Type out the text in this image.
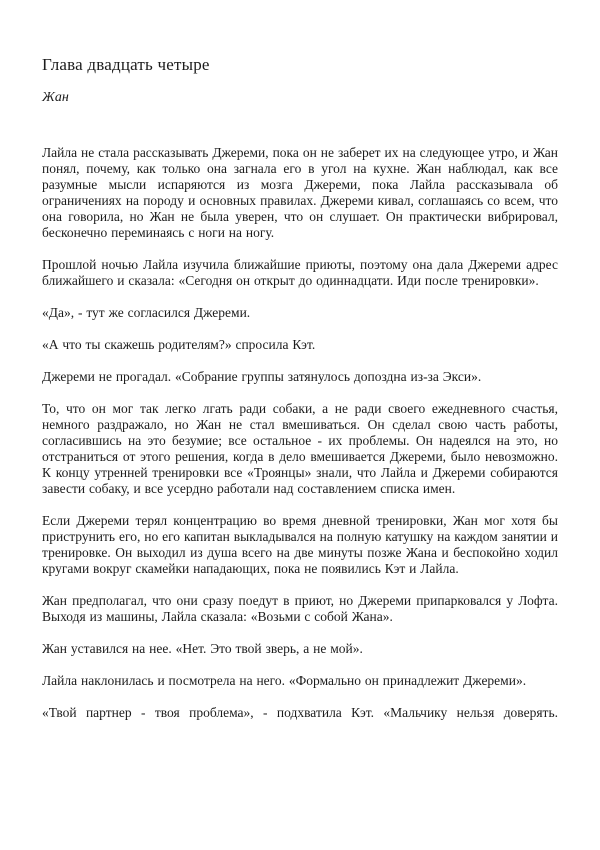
Глава двадцать четыре

Жан

Лайла не стала рассказывать Джереми, пока он не заберет их на следующее утро, и Жан понял, почему, как только она загнала его в угол на кухне. Жан наблюдал, как все разумные мысли испаряются из мозга Джереми, пока Лайла рассказывала об ограничениях на породу и основных правилах. Джереми кивал, соглашаясь со всем, что она говорила, но Жан не была уверен, что он слушает. Он практически вибрировал, бесконечно переминаясь с ноги на ногу.

Прошлой ночью Лайла изучила ближайшие приюты, поэтому она дала Джереми адрес ближайшего и сказала: «Сегодня он открыт до одиннадцати. Иди после тренировки».

«Да», - тут же согласился Джереми.

«А что ты скажешь родителям?» спросила Кэт.

Джереми не прогадал. «Собрание группы затянулось допоздна из-за Экси».

То, что он мог так легко лгать ради собаки, а не ради своего ежедневного счастья, немного раздражало, но Жан не стал вмешиваться. Он сделал свою часть работы, согласившись на это безумие; все остальное - их проблемы. Он надеялся на это, но отстраниться от этого решения, когда в дело вмешивается Джереми, было невозможно. К концу утренней тренировки все «Троянцы» знали, что Лайла и Джереми собираются завести собаку, и все усердно работали над составлением списка имен.

Если Джереми терял концентрацию во время дневной тренировки, Жан мог хотя бы приструнить его, но его капитан выкладывался на полную катушку на каждом занятии и тренировке. Он выходил из душа всего на две минуты позже Жана и беспокойно ходил кругами вокруг скамейки нападающих, пока не появились Кэт и Лайла.

Жан предполагал, что они сразу поедут в приют, но Джереми припарковался у Лофта. Выходя из машины, Лайла сказала: «Возьми с собой Жана».

Жан уставился на нее. «Нет. Это твой зверь, а не мой».

Лайла наклонилась и посмотрела на него. «Формально он принадлежит Джереми».

«Твой партнер - твоя проблема», - подхватила Кэт. «Мальчику нельзя доверять.
